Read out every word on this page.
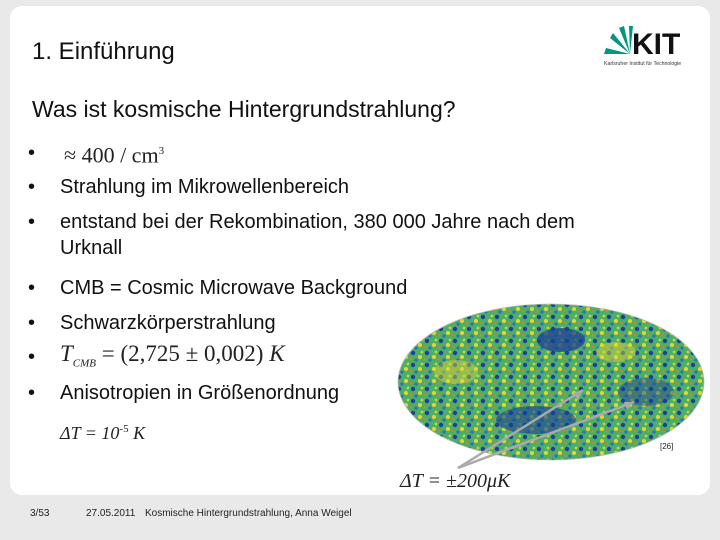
1. Einführung	KIT
Karlsruher Institut für Technologie
Was ist kosmische Hintergrundstrahlung?
•	≈ $400 / cm^3$
•	Strahlung im Mikrowellenbereich
•	entstand bei der Rekombination, 380 000 Jahre nach dem
Urknall
•	CMB = Cosmic Microwave Background
•	Schwarzkörperstrahlung
•	$T_{CMB} = (2,725 \pm 0,002)$ K
•	Anisotropien in Größenordnung
$\Delta T = 10^{-5}$ K
[26]
ΔT = ±200μK
3/53	27.05.2011 Kosmische Hintergrundstrahlung, Anna Weigel
